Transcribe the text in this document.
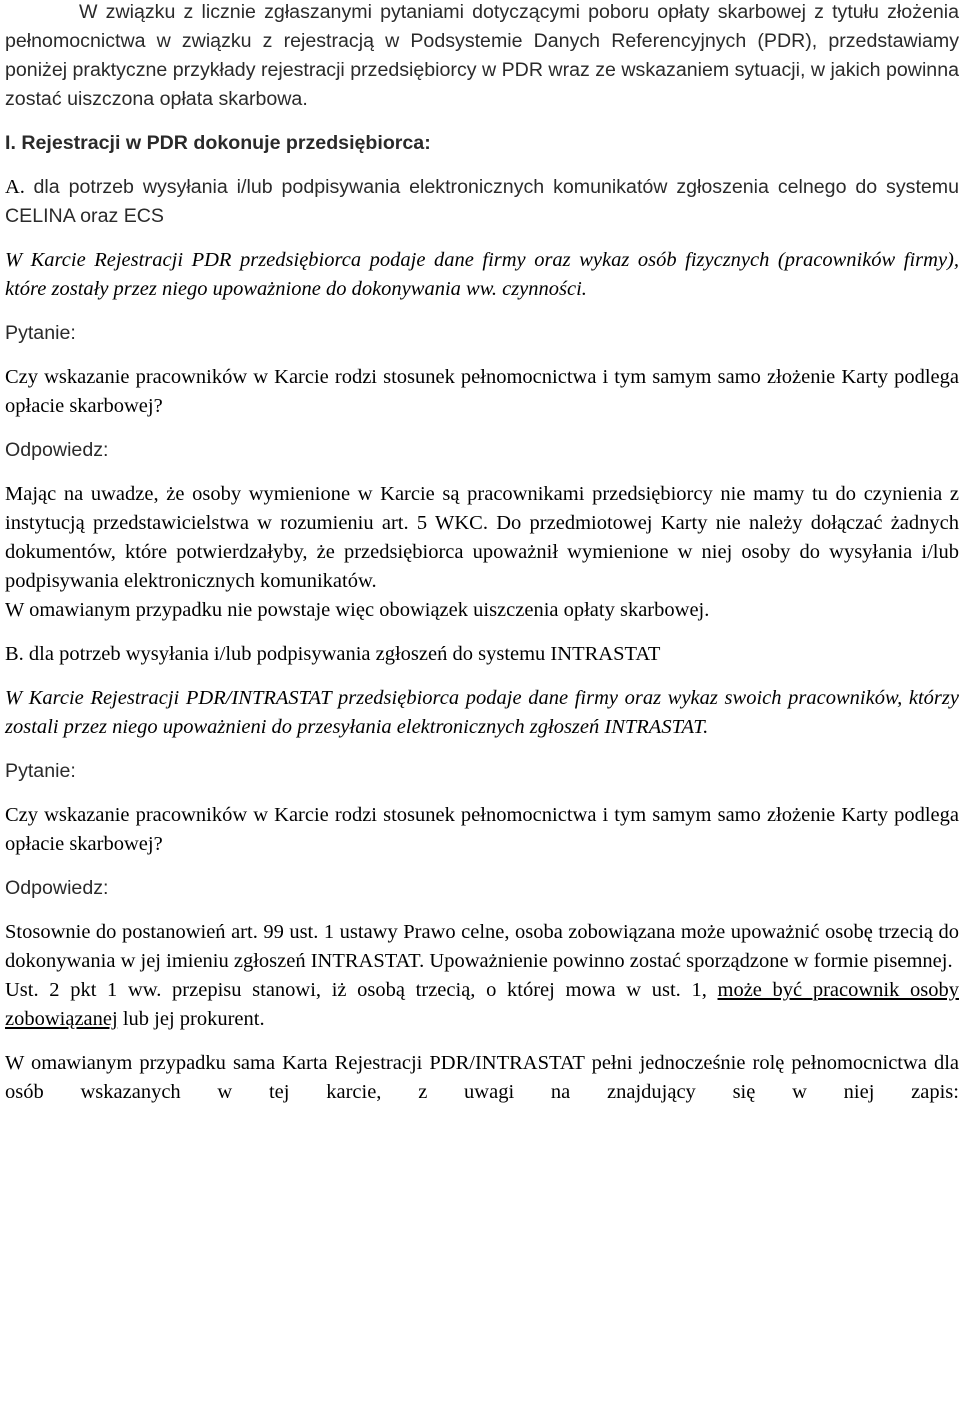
W związku z licznie zgłaszanymi pytaniami dotyczącymi poboru opłaty skarbowej z tytułu złożenia pełnomocnictwa w związku z rejestracją w Podsystemie Danych Referencyjnych (PDR), przedstawiamy poniżej praktyczne przykłady rejestracji przedsiębiorcy w PDR wraz ze wskazaniem sytuacji, w jakich powinna zostać uiszczona opłata skarbowa.

I. Rejestracji w PDR dokonuje przedsiębiorca:

A. dla potrzeb wysyłania i/lub podpisywania elektronicznych komunikatów zgłoszenia celnego do systemu CELINA oraz ECS

W Karcie Rejestracji PDR przedsiębiorca podaje dane firmy oraz wykaz osób fizycznych (pracowników firmy), które zostały przez niego upoważnione do dokonywania ww. czynności.

Pytanie:

Czy wskazanie pracowników w Karcie rodzi stosunek pełnomocnictwa i tym samym samo złożenie Karty podlega opłacie skarbowej?

Odpowiedz:

Mając na uwadze, że osoby wymienione w Karcie są pracownikami przedsiębiorcy nie mamy tu do czynienia z instytucją przedstawicielstwa w rozumieniu art. 5 WKC. Do przedmiotowej Karty nie należy dołączać żadnych dokumentów, które potwierdzałyby, że przedsiębiorca upoważnił wymienione w niej osoby do wysyłania i/lub podpisywania elektronicznych komunikatów.

W omawianym przypadku nie powstaje więc obowiązek uiszczenia opłaty skarbowej.

B. dla potrzeb wysyłania i/lub podpisywania zgłoszeń do systemu INTRASTAT

W Karcie Rejestracji PDR/INTRASTAT przedsiębiorca podaje dane firmy oraz wykaz swoich pracowników, którzy zostali przez niego upoważnieni do przesyłania elektronicznych zgłoszeń INTRASTAT.

Pytanie:

Czy wskazanie pracowników w Karcie rodzi stosunek pełnomocnictwa i tym samym samo złożenie Karty podlega opłacie skarbowej?

Odpowiedz:

Stosownie do postanowień art. 99 ust. 1 ustawy Prawo celne, osoba zobowiązana może upoważnić osobę trzecią do dokonywania w jej imieniu zgłoszeń INTRASTAT. Upoważnienie powinno zostać sporządzone w formie pisemnej.

Ust. 2 pkt 1 ww. przepisu stanowi, iż osobą trzecią, o której mowa w ust. 1, może być pracownik osoby zobowiązanej lub jej prokurent.

W omawianym przypadku sama Karta Rejestracji PDR/INTRASTAT pełni jednocześnie rolę pełnomocnictwa dla osób wskazanych w tej karcie, z uwagi na znajdujący się w niej zapis:
